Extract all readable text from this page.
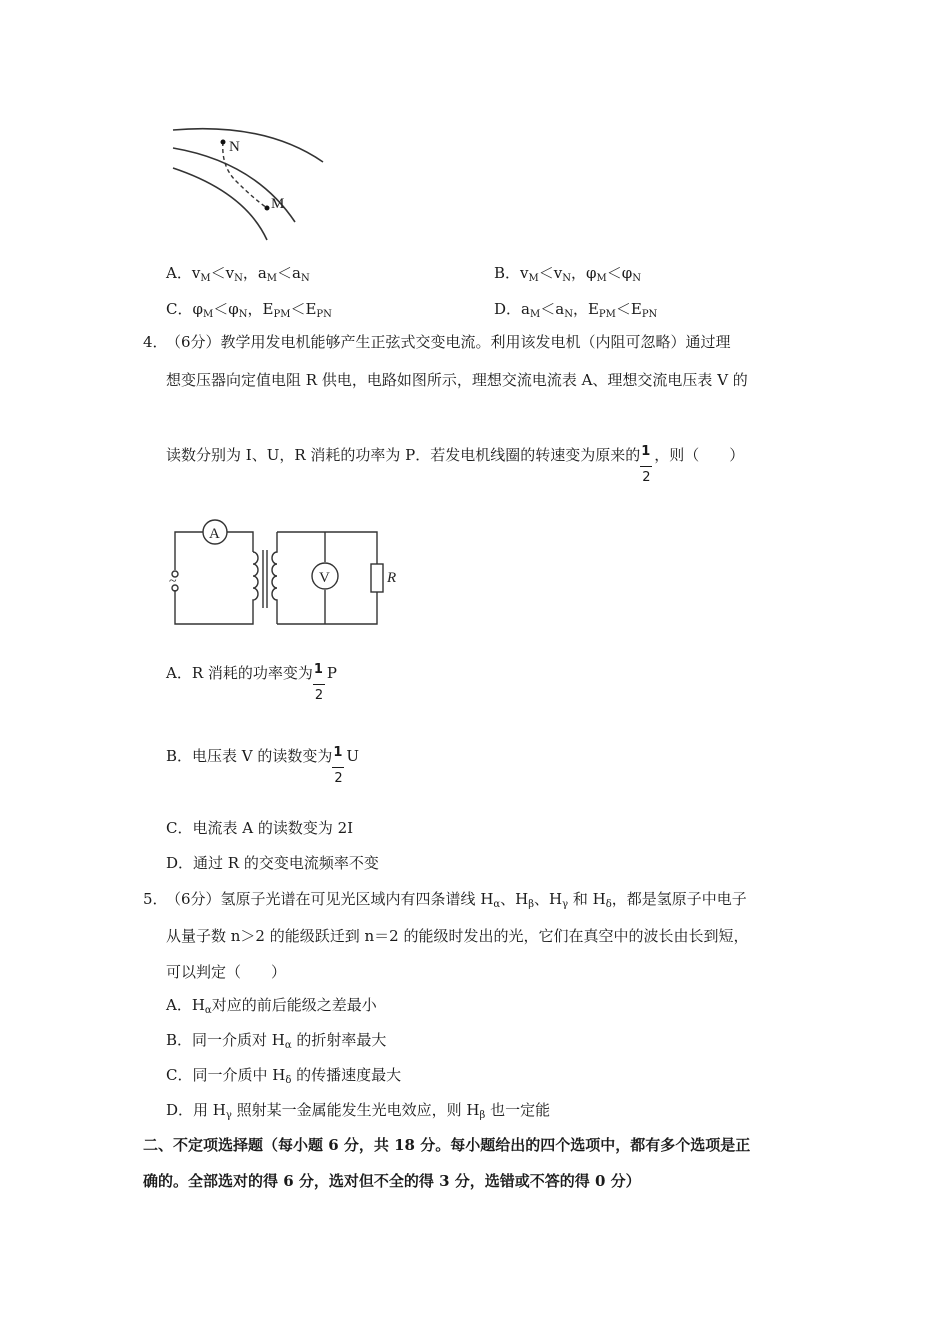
N
M
A．$v_M<v_N$，$a_M<a_N$	B．$v_M<v_N$，$\varphi_M<\varphi_N$
C．$\varphi_M<\varphi_N$，$E_{PM}<E_{PN}$	D．$a_M<a_N$，$E_{PM}<E_{PN}$
4．
（6分）教学用发电机能够产生正弦式交变电流。利用该发电机（内阻可忽略）通过理
想变压器向定值电阻 R 供电，电路如图所示，理想交流电流表 A、理想交流电压表 V 的
读数分别为 I、U，R 消耗的功率为 P．若发电机线圈的转速变为原来的 $\frac{1}{2}$ ，则（　　）
A
V	R
~
A．R 消耗的功率变为 $\frac{1}{2}$ P
B．电压表 V 的读数变为 $\frac{1}{2}$ U
C．电流表 A 的读数变为 2I
D．通过 R 的交变电流频率不变
5．
（6分）氢原子光谱在可见光区域内有四条谱线 $H_\alpha$、$H_\beta$、$H_\gamma$ 和 $H_\delta$，都是氢原子中电子
从量子数 n＞2 的能级跃迁到 n＝2 的能级时发出的光，它们在真空中的波长由长到短，
可以判定（　　）
A．$H_\alpha$对应的前后能级之差最小
B．同一介质对 $H_\alpha$ 的折射率最大
C．同一介质中 $H_\delta$ 的传播速度最大
D．用 $H_\gamma$ 照射某一金属能发生光电效应，则 $H_\beta$ 也一定能
二、不定项选择题（每小题 6 分，共 18 分。每小题给出的四个选项中，都有多个选项是正
确的。全部选对的得 6 分，选对但不全的得 3 分，选错或不答的得 0 分）
